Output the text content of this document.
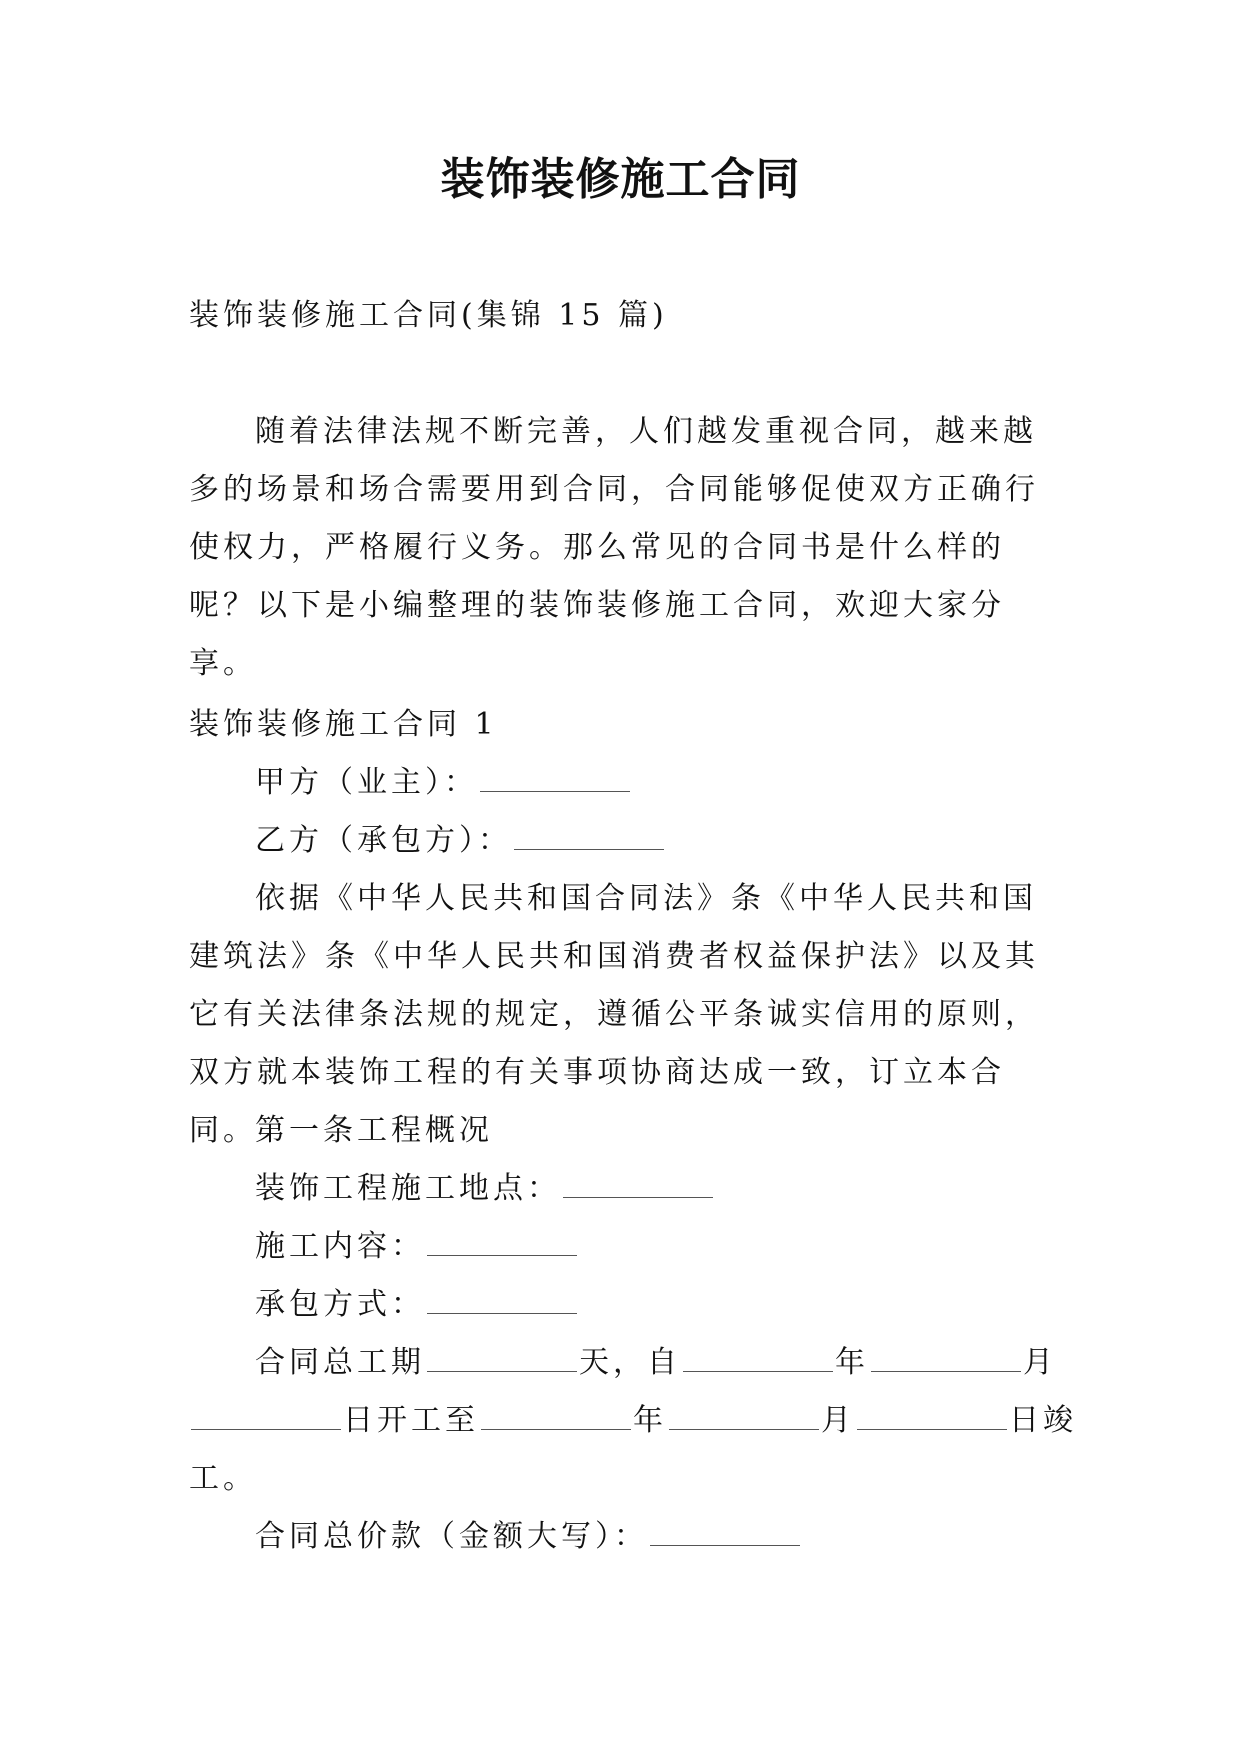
装饰装修施工合同
装饰装修施工合同(集锦 15 篇)
随着法律法规不断完善，人们越发重视合同，越来越多的场景和场合需要用到合同，合同能够促使双方正确行使权力，严格履行义务。那么常见的合同书是什么样的呢？以下是小编整理的装饰装修施工合同，欢迎大家分享。
装饰装修施工合同 1
甲方（业主）：
乙方（承包方）：
依据《中华人民共和国合同法》条《中华人民共和国建筑法》条《中华人民共和国消费者权益保护法》以及其它有关法律条法规的规定，遵循公平条诚实信用的原则，双方就本装饰工程的有关事项协商达成一致，订立本合同。
第一条工程概况
装饰工程施工地点：
施工内容：
承包方式：
合同总工期	天，自	年	月
日开工至	年	月	日竣
工。
合同总价款（金额大写）：
